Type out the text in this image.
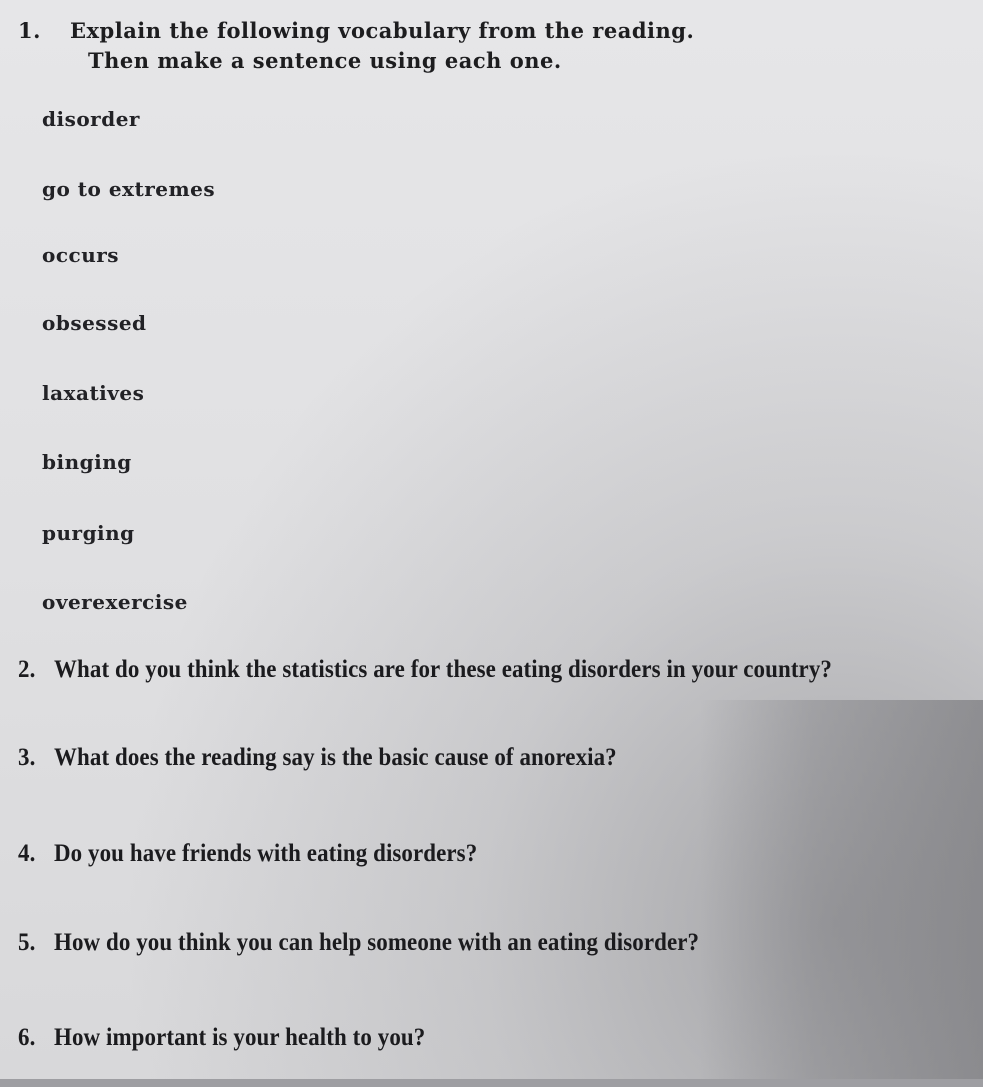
1. Explain the following vocabulary from the reading.
Then make a sentence using each one.
disorder
go to extremes
occurs
obsessed
laxatives
binging
purging
overexercise
2. What do you think the statistics are for these eating disorders in your country?
3. What does the reading say is the basic cause of anorexia?
4. Do you have friends with eating disorders?
5. How do you think you can help someone with an eating disorder?
6. How important is your health to you?
